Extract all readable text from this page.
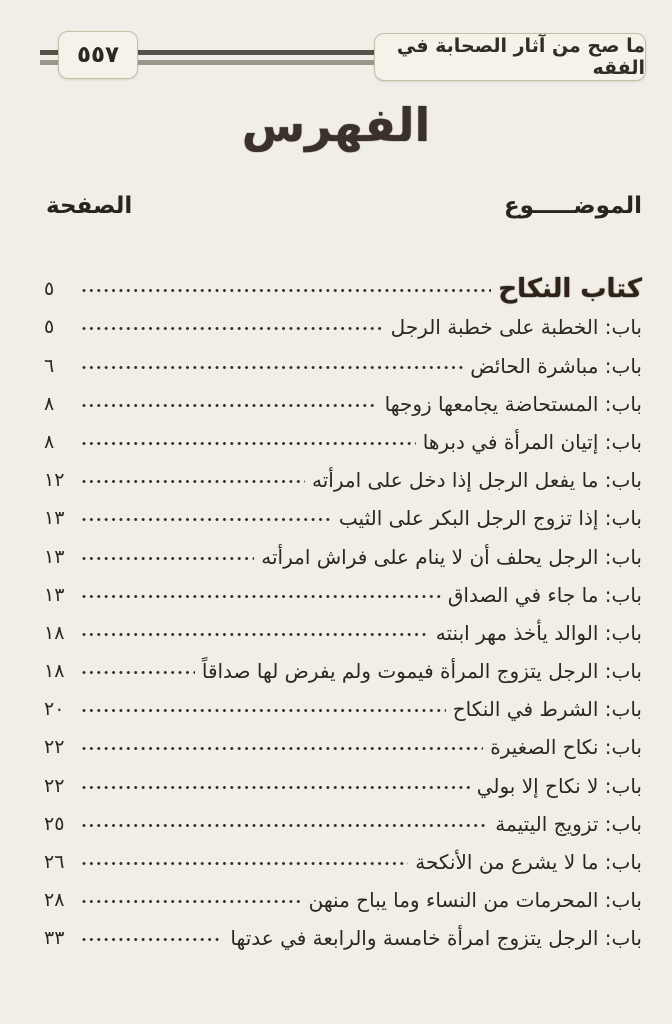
٥٥٧	ما صح من آثار الصحابة في الفقه
الفهرس
الموضـــــوع
الصفحة
كتاب النكاح
٥
باب: الخطبة على خطبة الرجل
٥
باب: مباشرة الحائض
٦
باب: المستحاضة يجامعها زوجها
٨
باب: إتيان المرأة في دبرها
٨
باب: ما يفعل الرجل إذا دخل على امرأته
١٢
باب: إذا تزوج الرجل البكر على الثيب
١٣
باب: الرجل يحلف أن لا ينام على فراش امرأته
١٣
باب: ما جاء في الصداق
١٣
باب: الوالد يأخذ مهر ابنته
١٨
باب: الرجل يتزوج المرأة فيموت ولم يفرض لها صداقاً
١٨
باب: الشرط في النكاح
٢٠
باب: نكاح الصغيرة
٢٢
باب: لا نكاح إلا بولي
٢٢
باب: تزويج اليتيمة
٢٥
باب: ما لا يشرع من الأنكحة
٢٦
باب: المحرمات من النساء وما يباح منهن
٢٨
باب: الرجل يتزوج امرأة خامسة والرابعة في عدتها
٣٣
